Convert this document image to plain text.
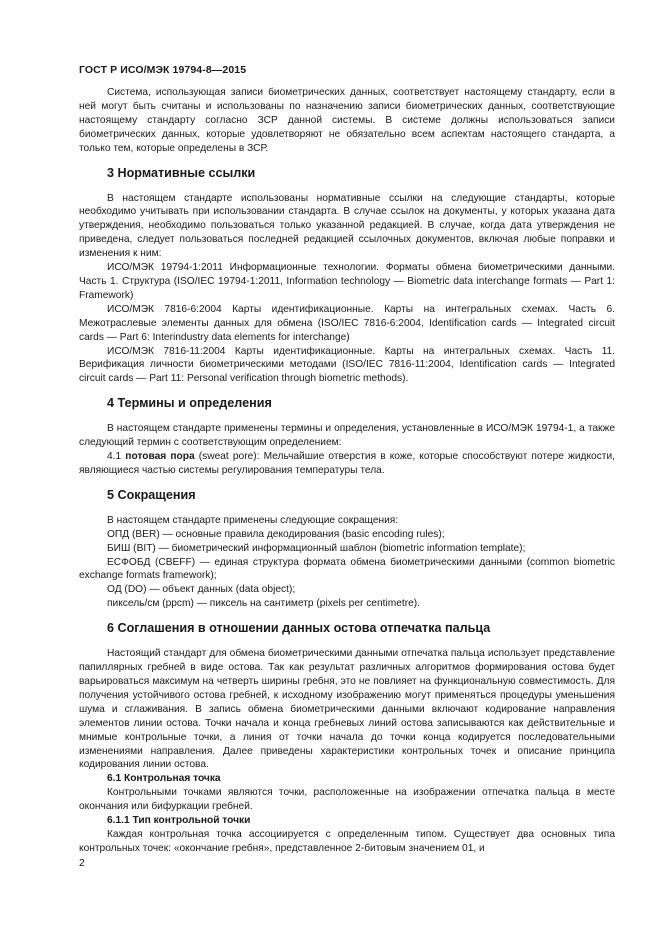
ГОСТ Р ИСО/МЭК 19794-8—2015

Система, использующая записи биометрических данных, соответствует настоящему стандарту, если в ней могут быть считаны и использованы по назначению записи биометрических данных, соответствующие настоящему стандарту согласно ЗСР данной системы. В системе должны использоваться записи биометрических данных, которые удовлетворяют не обязательно всем аспектам настоящего стандарта, а только тем, которые определены в ЗСР.

3 Нормативные ссылки

В настоящем стандарте использованы нормативные ссылки на следующие стандарты, которые необходимо учитывать при использовании стандарта. В случае ссылок на документы, у которых указана дата утверждения, необходимо пользоваться только указанной редакцией. В случае, когда дата утверждения не приведена, следует пользоваться последней редакцией ссылочных документов, включая любые поправки и изменения к ним:

ИСО/МЭК 19794-1:2011 Информационные технологии. Форматы обмена биометрическими данными. Часть 1. Структура (ISO/IEC 19794-1:2011, Information technology — Biometric data interchange formats — Part 1: Framework)

ИСО/МЭК 7816-6:2004 Карты идентификационные. Карты на интегральных схемах. Часть 6. Межотраслевые элементы данных для обмена (ISO/IEC 7816-6:2004, Identification cards — Integrated circuit cards — Part 6: Interindustry data elements for interchange)

ИСО/МЭК 7816-11:2004 Карты идентификационные. Карты на интегральных схемах. Часть 11. Верификация личности биометрическими методами (ISO/IEC 7816-11:2004, Identification cards — Integrated circuit cards — Part 11: Personal verification through biometric methods).

4 Термины и определения

В настоящем стандарте применены термины и определения, установленные в ИСО/МЭК 19794-1, а также следующий термин с соответствующим определением:

4.1 потовая пора (sweat pore): Мельчайшие отверстия в коже, которые способствуют потере жидкости, являющиеся частью системы регулирования температуры тела.

5 Сокращения

В настоящем стандарте применены следующие сокращения:

ОПД (BER) — основные правила декодирования (basic encoding rules);

БИШ (BIT) — биометрический информационный шаблон (biometric information template);

ЕСФОБД (CBEFF) — единая структура формата обмена биометрическими данными (common biometric exchange formats framework);

ОД (DO) — объект данных (data object);

пиксель/см (ppcm) — пиксель на сантиметр (pixels per centimetre).

6 Соглашения в отношении данных остова отпечатка пальца

Настоящий стандарт для обмена биометрическими данными отпечатка пальца использует представление папиллярных гребней в виде остова. Так как результат различных алгоритмов формирования остова будет варьироваться максимум на четверть ширины гребня, это не повлияет на функциональную совместимость. Для получения устойчивого остова гребней, к исходному изображению могут применяться процедуры уменьшения шума и сглаживания. В запись обмена биометрическими данными включают кодирование направления элементов линии остова. Точки начала и конца гребневых линий остова записываются как действительные и мнимые контрольные точки, а линия от точки начала до точки конца кодируется последовательными изменениями направления. Далее приведены характеристики контрольных точек и описание принципа кодирования линии остова.

6.1 Контрольная точка

Контрольными точками являются точки, расположенные на изображении отпечатка пальца в месте окончания или бифуркации гребней.

6.1.1 Тип контрольной точки

Каждая контрольная точка ассоциируется с определенным типом. Существует два основных типа контрольных точек: «окончание гребня», представленное 2-битовым значением 01, и

2
